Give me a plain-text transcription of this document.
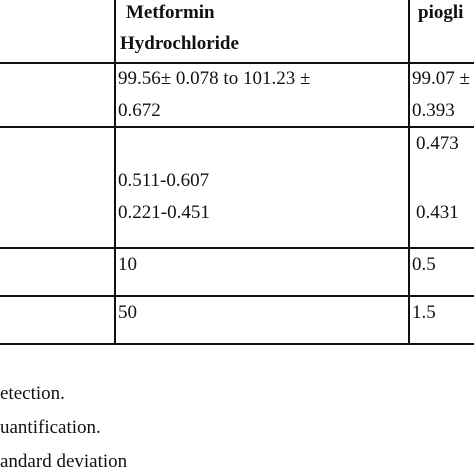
Metformin
Hydrochloride
piogli
99.56± 0.078 to 101.23 ±
0.672
99.07 ±
0.393
0.511-0.607
0.221-0.451
0.473
0.431
10	0.5
50	1.5
etection.
uantification.
andard deviation
